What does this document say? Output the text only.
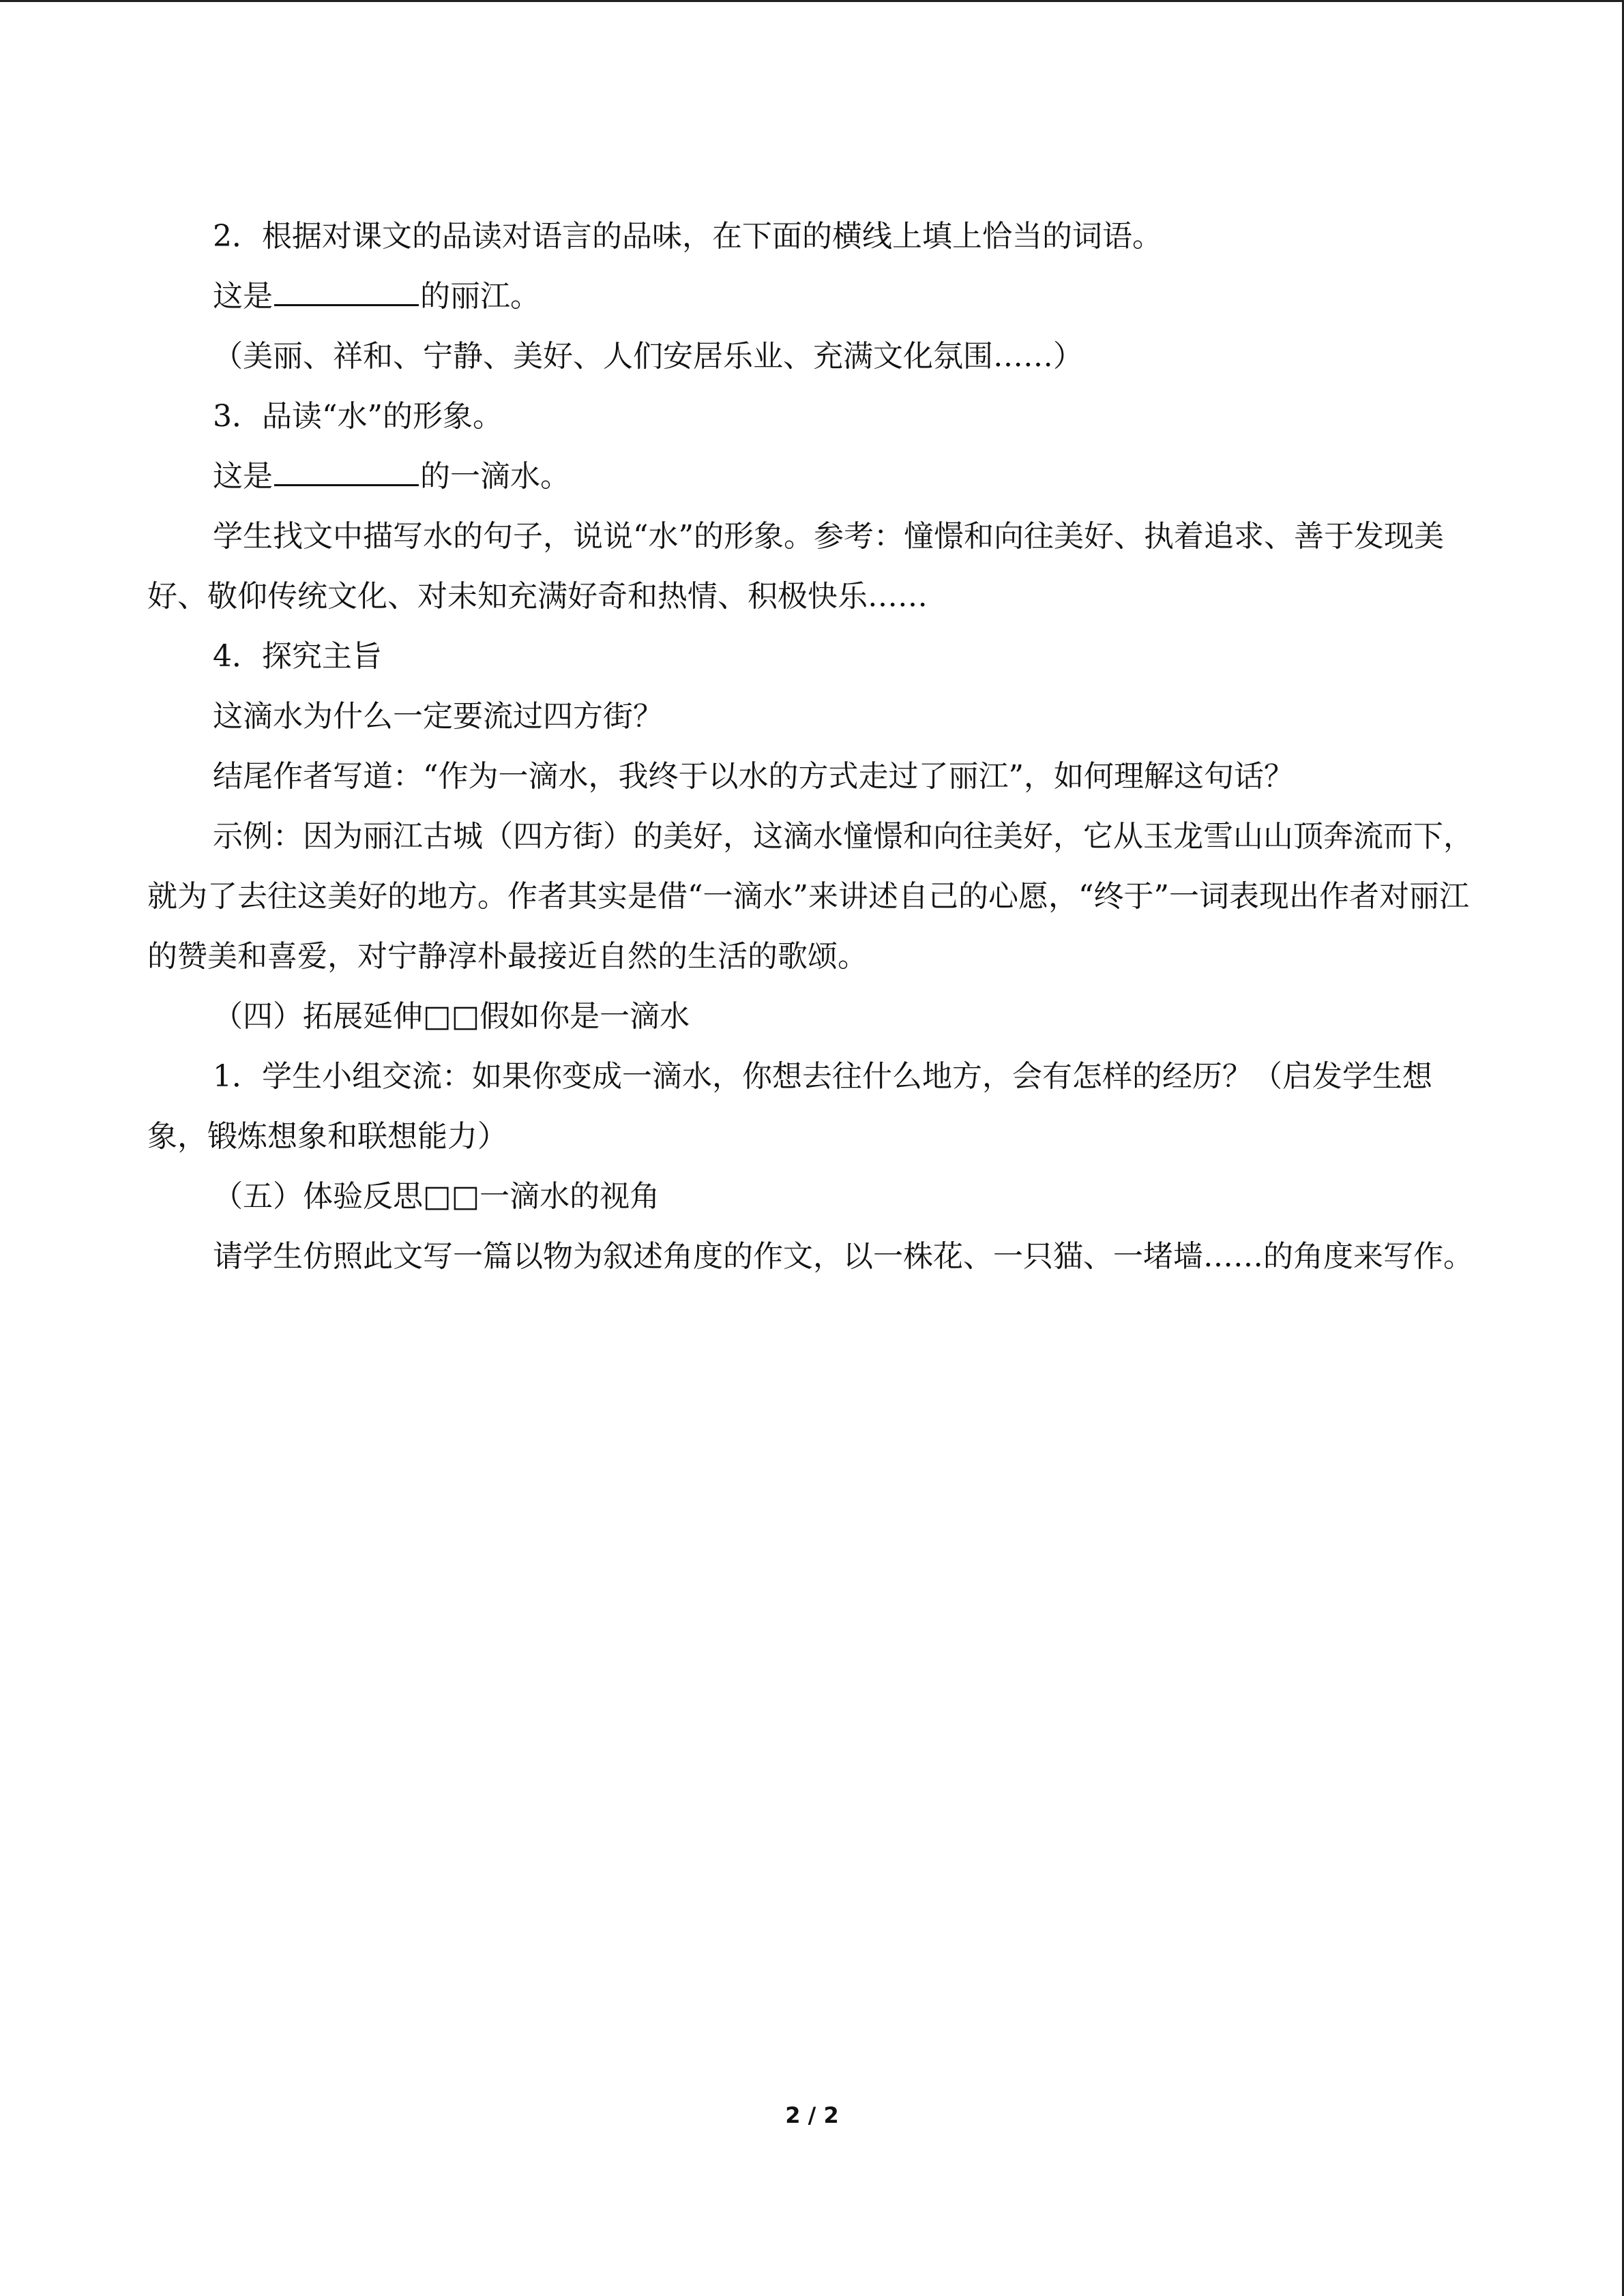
2．根据对课文的品读对语言的品味，在下面的横线上填上恰当的词语。

这是	的丽江。

（美丽、祥和、宁静、美好、人们安居乐业、充满文化氛围……）

3．品读“水”的形象。

这是	的一滴水。

学生找文中描写水的句子，说说“水”的形象。参考：憧憬和向往美好、执着追求、善于发现美好、敬仰传统文化、对未知充满好奇和热情、积极快乐……

4．探究主旨

这滴水为什么一定要流过四方街？

结尾作者写道：“作为一滴水，我终于以水的方式走过了丽江”，如何理解这句话？

示例：因为丽江古城（四方街）的美好，这滴水憧憬和向往美好，它从玉龙雪山山顶奔流而下，就为了去往这美好的地方。作者其实是借“一滴水”来讲述自己的心愿，“终于”一词表现出作者对丽江的赞美和喜爱，对宁静淳朴最接近自然的生活的歌颂。

（四）拓展延伸□□假如你是一滴水

1．学生小组交流：如果你变成一滴水，你想去往什么地方，会有怎样的经历？（启发学生想象，锻炼想象和联想能力）

（五）体验反思□□一滴水的视角

请学生仿照此文写一篇以物为叙述角度的作文，以一株花、一只猫、一堵墙……的角度来写作。

2 / 2
